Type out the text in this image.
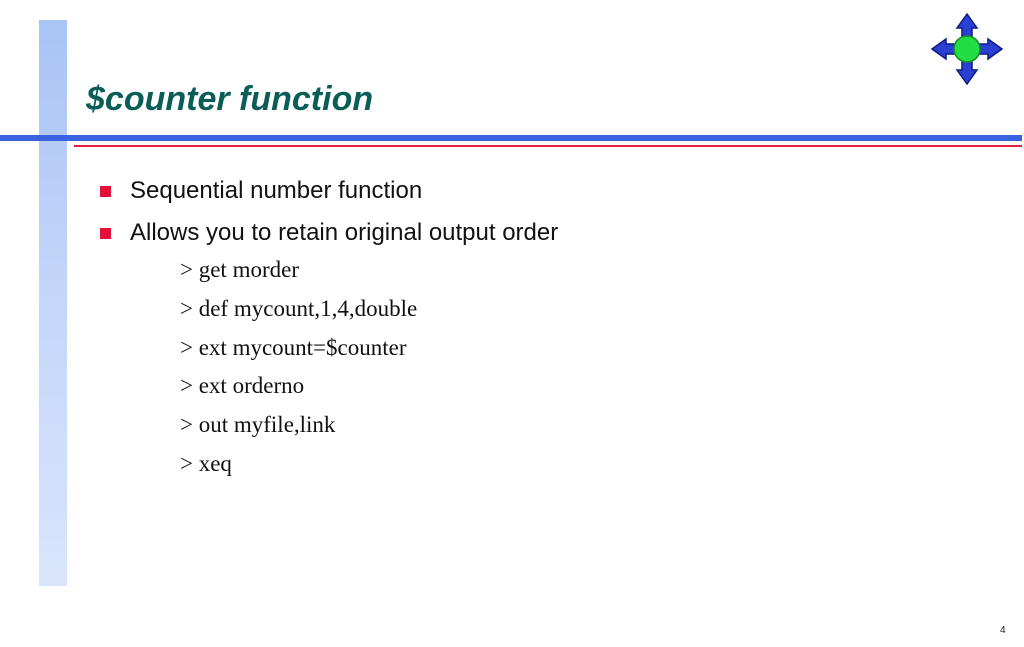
$counter function
Sequential number function
Allows you to retain original output order
> get morder
> def mycount,1,4,double
> ext mycount=$counter
> ext orderno
> out myfile,link
> xeq
4
